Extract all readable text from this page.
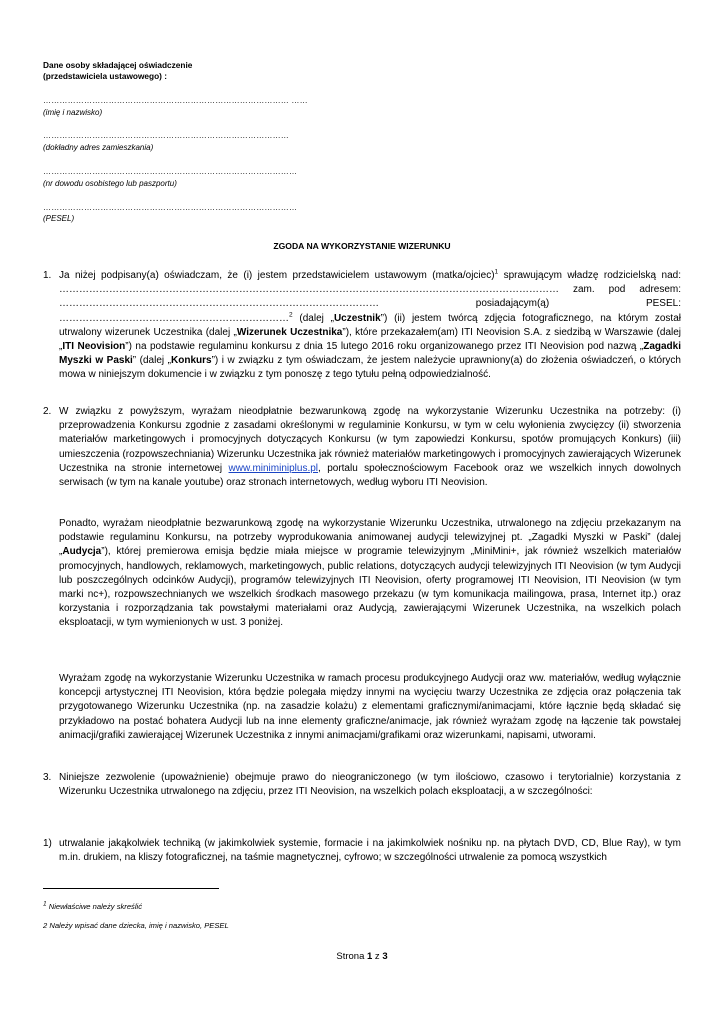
Dane osoby składającej oświadczenie
(przedstawiciela ustawowego) :
……………………………………………………………………………… ……
(imię i nazwisko)
………………………………………………………………………………
(dokładny adres zamieszkania)
…………………………………………………………………………………
(nr dowodu osobistego lub paszportu)
…………………………………………………………………………………
(PESEL)
ZGODA NA WYKORZYSTANIE WIZERUNKU
1. Ja niżej podpisany(a) oświadczam, że (i) jestem przedstawicielem ustawowym (matka/ojciec)$^1$ sprawującym władzę rodzicielską nad: …………………………………………………………………………………………………………………………………… zam. pod adresem: …………………………………………………………………………………… posiadającym(ą) PESEL: ……………………………………………………………$^2$ (dalej „Uczestnik”) (ii) jestem twórcą zdjęcia fotograficznego, na którym został utrwalony wizerunek Uczestnika (dalej „Wizerunek Uczestnika”), które przekazałem(am) ITI Neovision S.A. z siedzibą w Warszawie (dalej „ITI Neovision”) na podstawie regulaminu konkursu z dnia 15 lutego 2016 roku organizowanego przez ITI Neovision pod nazwą „Zagadki Myszki w Paski” (dalej „Konkurs”) i w związku z tym oświadczam, że jestem należycie uprawniony(a) do złożenia oświadczeń, o których mowa w niniejszym dokumencie i w związku z tym ponoszę z tego tytułu pełną odpowiedzialność.
2. W związku z powyższym, wyrażam nieodpłatnie bezwarunkową zgodę na wykorzystanie Wizerunku Uczestnika na potrzeby: (i) przeprowadzenia Konkursu zgodnie z zasadami określonymi w regulaminie Konkursu, w tym w celu wyłonienia zwycięzcy (ii) stworzenia materiałów marketingowych i promocyjnych dotyczących Konkursu (w tym zapowiedzi Konkursu, spotów promujących Konkurs) (iii) umieszczenia (rozpowszechniania) Wizerunku Uczestnika jak również materiałów marketingowych i promocyjnych zawierających Wizerunek Uczestnika na stronie internetowej www.miniminiplus.pl, portalu społecznościowym Facebook oraz we wszelkich innych dowolnych serwisach (w tym na kanale youtube) oraz stronach internetowych, według wyboru ITI Neovision.
Ponadto, wyrażam nieodpłatnie bezwarunkową zgodę na wykorzystanie Wizerunku Uczestnika, utrwalonego na zdjęciu przekazanym na podstawie regulaminu Konkursu, na potrzeby wyprodukowania animowanej audycji telewizyjnej pt. „Zagadki Myszki w Paski” (dalej „Audycja”), której premierowa emisja będzie miała miejsce w programie telewizyjnym „MiniMini+, jak również wszelkich materiałów promocyjnych, handlowych, reklamowych, marketingowych, public relations, dotyczących audycji telewizyjnych ITI Neovision (w tym Audycji lub poszczególnych odcinków Audycji), programów telewizyjnych ITI Neovision, oferty programowej ITI Neovision, ITI Neovision (w tym marki nc+), rozpowszechnianych we wszelkich środkach masowego przekazu (w tym komunikacja mailingowa, prasa, Internet itp.) oraz korzystania i rozporządzania tak powstałymi materiałami oraz Audycją, zawierającymi Wizerunek Uczestnika, na wszelkich polach eksploatacji, w tym wymienionych w ust. 3 poniżej.
Wyrażam zgodę na wykorzystanie Wizerunku Uczestnika w ramach procesu produkcyjnego Audycji oraz ww. materiałów, według wyłącznie koncepcji artystycznej ITI Neovision, która będzie polegała między innymi na wycięciu twarzy Uczestnika ze zdjęcia oraz połączenia tak przygotowanego Wizerunku Uczestnika (np. na zasadzie kolażu) z elementami graficznymi/animacjami, które łącznie będą składać się przykładowo na postać bohatera Audycji lub na inne elementy graficzne/animacje, jak również wyrażam zgodę na łączenie tak powstałej animacji/grafiki zawierającej Wizerunek Uczestnika z innymi animacjami/grafikami oraz wizerunkami, napisami, utworami.
3. Niniejsze zezwolenie (upoważnienie) obejmuje prawo do nieograniczonego (w tym ilościowo, czasowo i terytorialnie) korzystania z Wizerunku Uczestnika utrwalonego na zdjęciu, przez ITI Neovision, na wszelkich polach eksploatacji, a w szczególności:
1) utrwalanie jakąkolwiek techniką (w jakimkolwiek systemie, formacie i na jakimkolwiek nośniku np. na płytach DVD, CD, Blue Ray), w tym m.in. drukiem, na kliszy fotograficznej, na taśmie magnetycznej, cyfrowo; w szczególności utrwalenie za pomocą wszystkich
$^1$ Niewłaściwe należy skreślić
2 Należy wpisać dane dziecka, imię i nazwisko, PESEL
Strona 1 z 3
